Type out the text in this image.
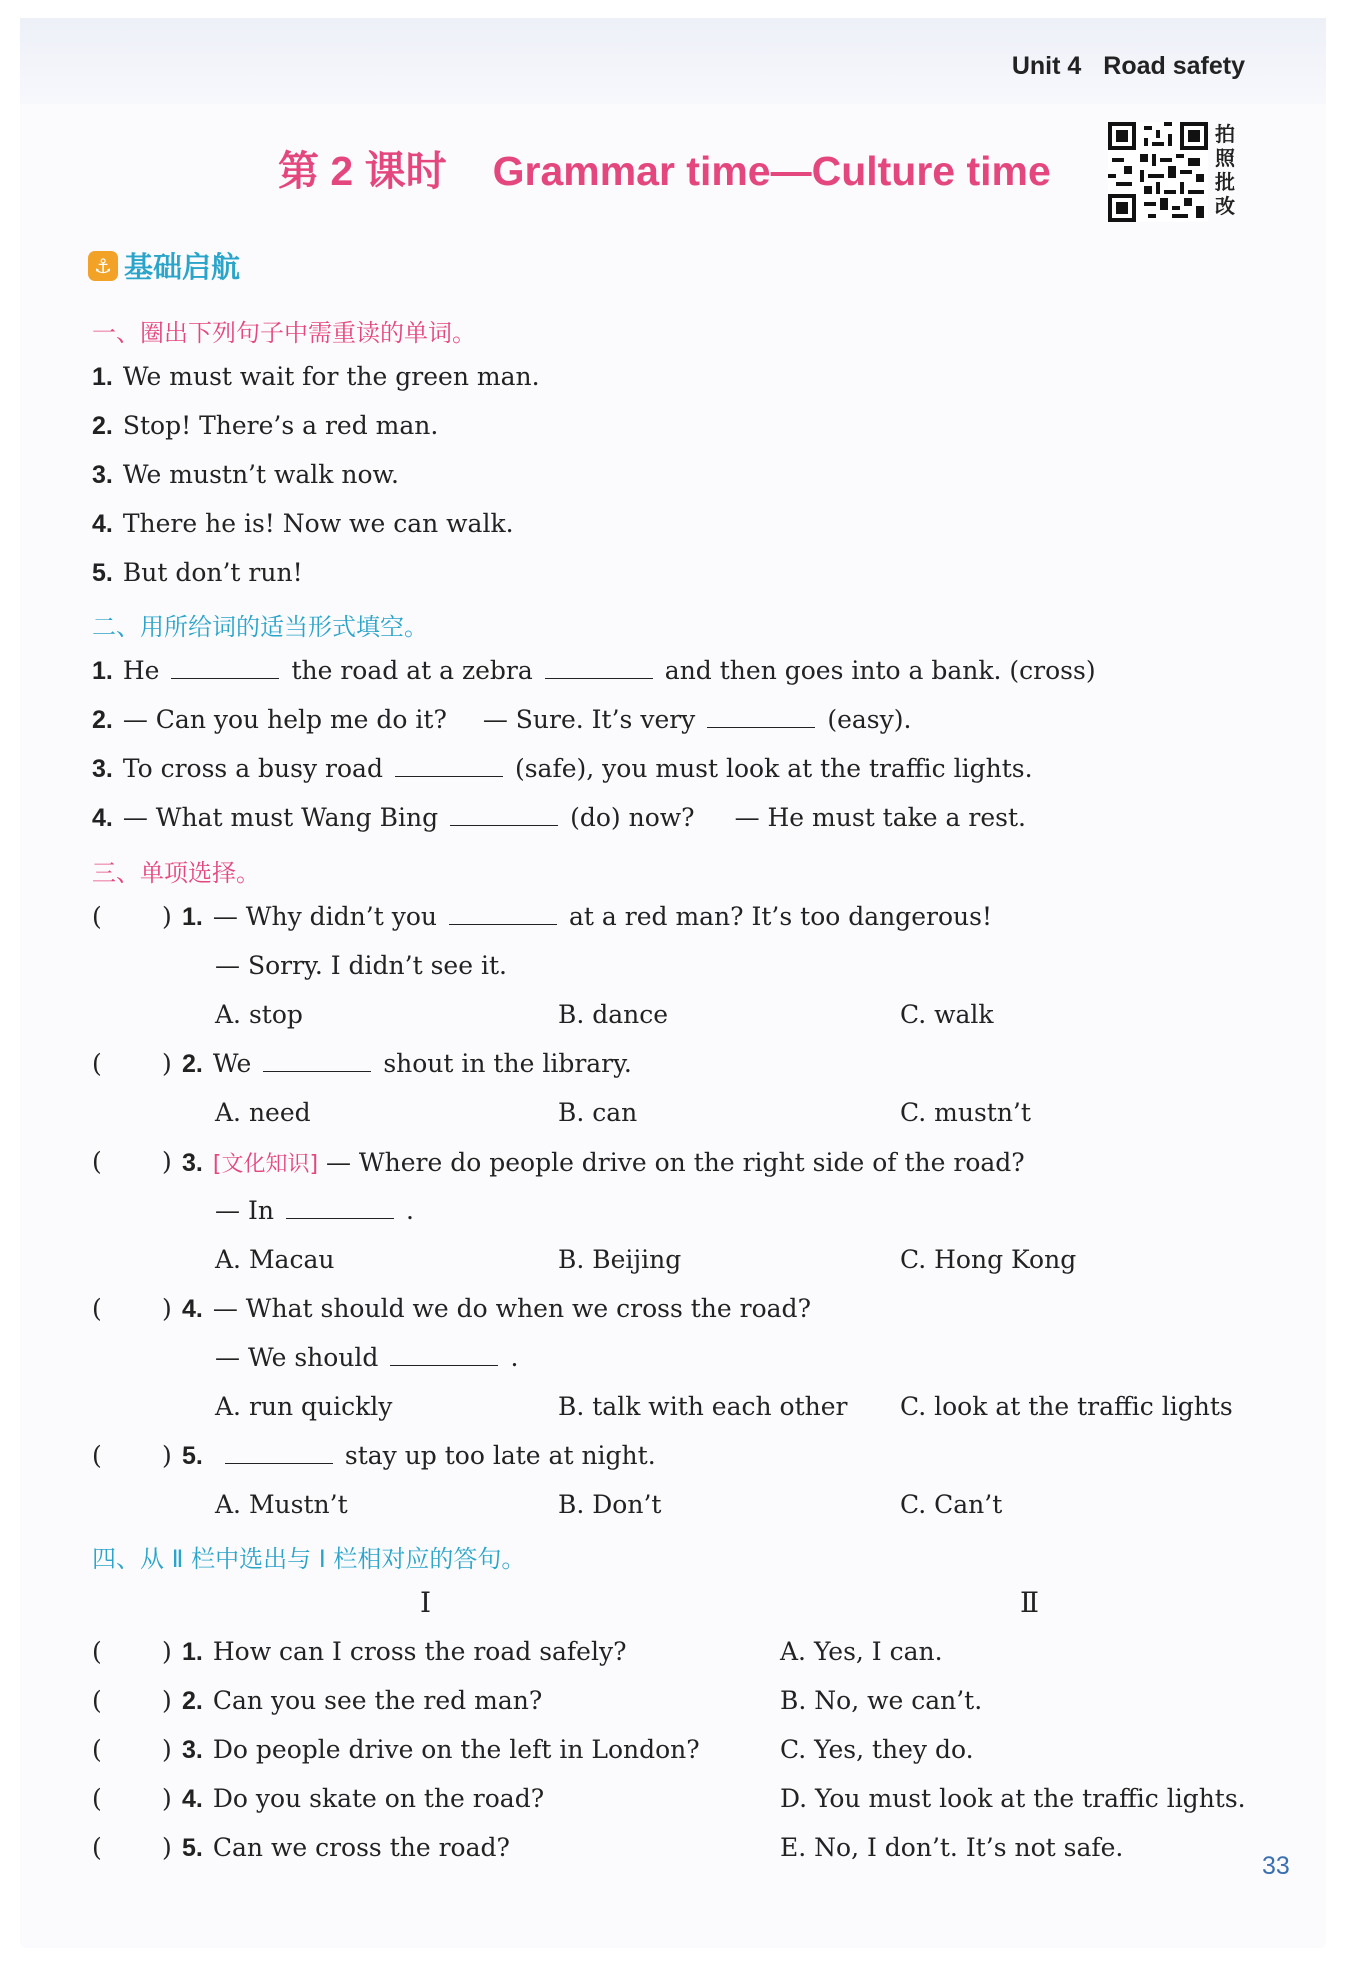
Unit 4 Road safety
第 2 课时 Grammar time—Culture time
拍照批改
⚓ 基础启航
一、圈出下列句子中需重读的单词。
1. We must wait for the green man.
2. Stop! There’s a red man.
3. We mustn’t walk now.
4. There he is! Now we can walk.
5. But don’t run!
二、用所给词的适当形式填空。
1. He	the road at a zebra	and then goes into a bank. (cross)
2. — Can you help me do it? — Sure. It’s very	(easy).
3. To cross a busy road	(safe), you must look at the traffic lights.
4. — What must Wang Bing	(do) now? — He must take a rest.
三、单项选择。
( ) 1. — Why didn’t you	at a red man? It’s too dangerous!
— Sorry. I didn’t see it.
A. stop	B. dance	C. walk
( ) 2. We	shout in the library.
A. need	B. can	C. mustn’t
( ) 3. [文化知识] — Where do people drive on the right side of the road?
— In	.
A. Macau	B. Beijing	C. Hong Kong
( ) 4. — What should we do when we cross the road?
— We should	.
A. run quickly	B. talk with each other C. look at the traffic lights
( ) 5.	stay up too late at night.
A. Mustn’t	B. Don’t	C. Can’t
四、从 Ⅱ 栏中选出与 Ⅰ 栏相对应的答句。
Ⅰ	Ⅱ
( ) 1. How can I cross the road safely?	A. Yes, I can.
( ) 2. Can you see the red man?	B. No, we can’t.
( ) 3. Do people drive on the left in London?	C. Yes, they do.
( ) 4. Do you skate on the road?	D. You must look at the traffic lights.
( ) 5. Can we cross the road?	E. No, I don’t. It’s not safe.
33
